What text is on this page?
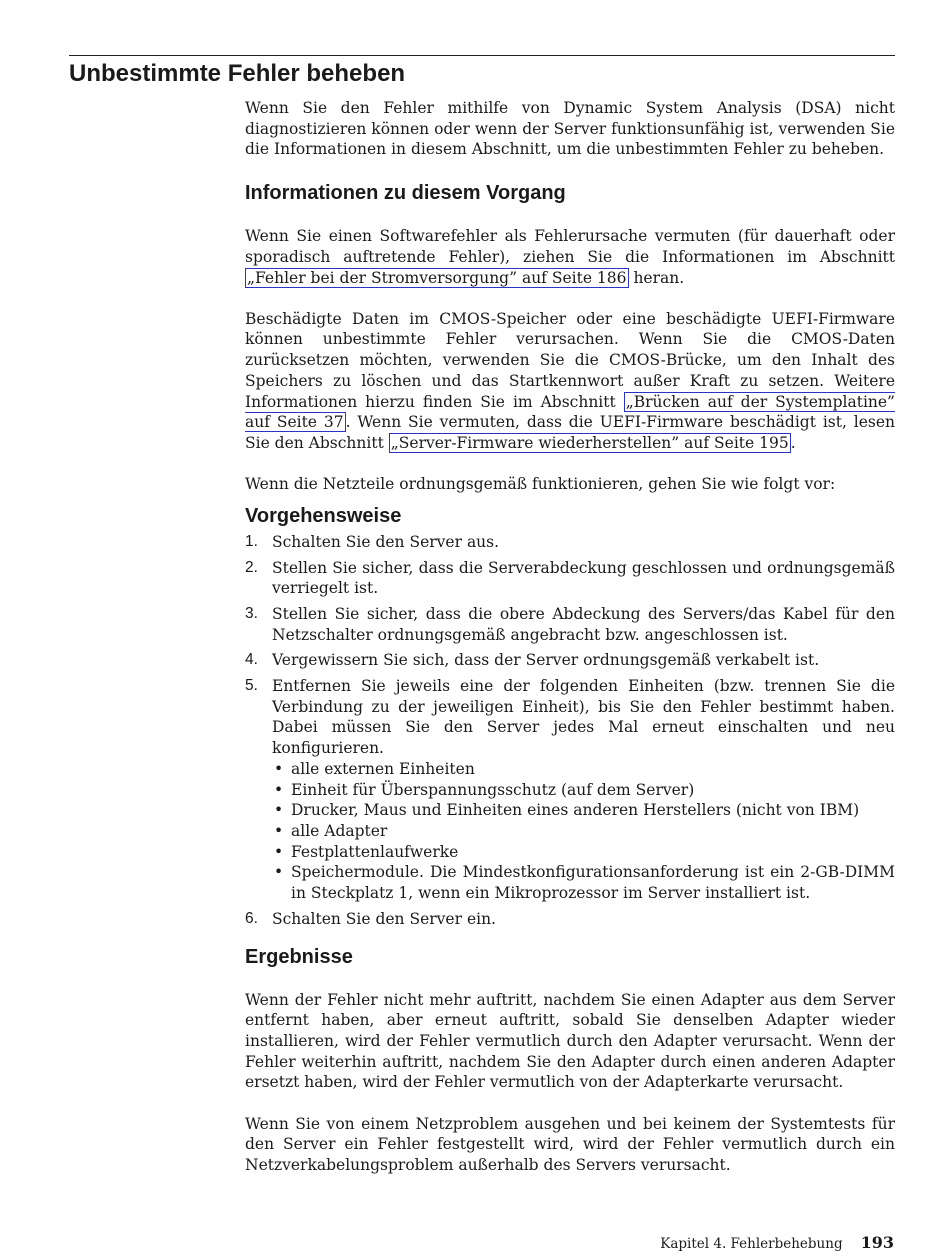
Unbestimmte Fehler beheben

Wenn Sie den Fehler mithilfe von Dynamic System Analysis (DSA) nicht diagnostizieren können oder wenn der Server funktionsunfähig ist, verwenden Sie die Informationen in diesem Abschnitt, um die unbestimmten Fehler zu beheben.

Informationen zu diesem Vorgang

Wenn Sie einen Softwarefehler als Fehlerursache vermuten (für dauerhaft oder sporadisch auftretende Fehler), ziehen Sie die Informationen im Abschnitt „Fehler bei der Stromversorgung” auf Seite 186 heran.

Beschädigte Daten im CMOS-Speicher oder eine beschädigte UEFI-Firmware können unbestimmte Fehler verursachen. Wenn Sie die CMOS-Daten zurücksetzen möchten, verwenden Sie die CMOS-Brücke, um den Inhalt des Speichers zu löschen und das Startkennwort außer Kraft zu setzen. Weitere Informationen hierzu finden Sie im Abschnitt „Brücken auf der Systemplatine” auf Seite 37 . Wenn Sie vermuten, dass die UEFI-Firmware beschädigt ist, lesen Sie den Abschnitt „Server-Firmware wiederherstellen” auf Seite 195 .

Wenn die Netzteile ordnungsgemäß funktionieren, gehen Sie wie folgt vor:

Vorgehensweise
1. Schalten Sie den Server aus.
2. Stellen Sie sicher, dass die Serverabdeckung geschlossen und ordnungsgemäß verriegelt ist.
3. Stellen Sie sicher, dass die obere Abdeckung des Servers/das Kabel für den Netzschalter ordnungsgemäß angebracht bzw. angeschlossen ist.
4. Vergewissern Sie sich, dass der Server ordnungsgemäß verkabelt ist.
5. Entfernen Sie jeweils eine der folgenden Einheiten (bzw. trennen Sie die Verbindung zu der jeweiligen Einheit), bis Sie den Fehler bestimmt haben. Dabei müssen Sie den Server jedes Mal erneut einschalten und neu konfigurieren.
• alle externen Einheiten
• Einheit für Überspannungsschutz (auf dem Server)
• Drucker, Maus und Einheiten eines anderen Herstellers (nicht von IBM)
• alle Adapter
• Festplattenlaufwerke
• Speichermodule. Die Mindestkonfigurationsanforderung ist ein 2-GB-DIMM in Steckplatz 1, wenn ein Mikroprozessor im Server installiert ist.
6. Schalten Sie den Server ein.
Ergebnisse

Wenn der Fehler nicht mehr auftritt, nachdem Sie einen Adapter aus dem Server entfernt haben, aber erneut auftritt, sobald Sie denselben Adapter wieder installieren, wird der Fehler vermutlich durch den Adapter verursacht. Wenn der Fehler weiterhin auftritt, nachdem Sie den Adapter durch einen anderen Adapter ersetzt haben, wird der Fehler vermutlich von der Adapterkarte verursacht.

Wenn Sie von einem Netzproblem ausgehen und bei keinem der Systemtests für den Server ein Fehler festgestellt wird, wird der Fehler vermutlich durch ein Netzverkabelungsproblem außerhalb des Servers verursacht.

Kapitel 4. Fehlerbehebung 193
